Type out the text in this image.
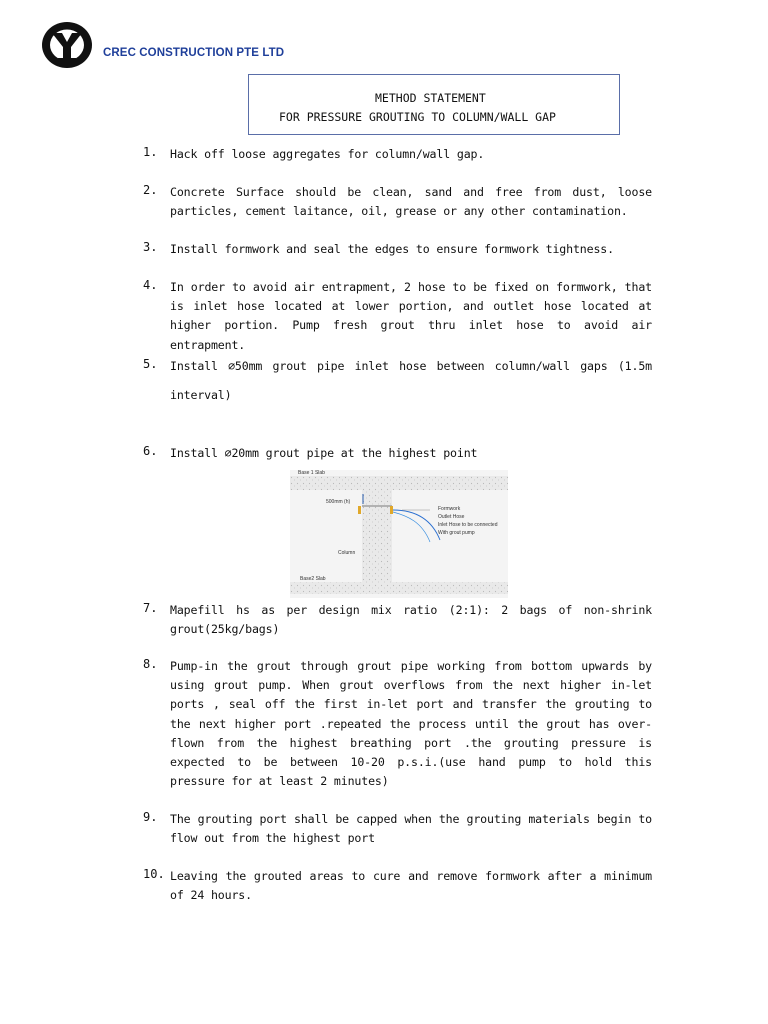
CREC CONSTRUCTION PTE LTD
METHOD STATEMENT
FOR PRESSURE GROUTING TO COLUMN/WALL GAP
1. Hack off loose aggregates for column/wall gap.
2. Concrete Surface should be clean, sand and free from dust, loose particles, cement laitance, oil, grease or any other contamination.
3. Install formwork and seal the edges to ensure formwork tightness.
4. In order to avoid air entrapment, 2 hose to be fixed on formwork, that is inlet hose located at lower portion, and outlet hose located at higher portion. Pump fresh grout thru inlet hose to avoid air entrapment.
5. Install ∅50mm grout pipe inlet hose between column/wall gaps (1.5m interval)
6. Install ∅20mm grout pipe at the highest point
Base 1 Slab
500mm (h)
Column
Base2 Slab
Formwork
Outlet Hose
Inlet Hose to be connected
With grout pump
7. Mapefill hs as per design mix ratio (2:1): 2 bags of non-shrink grout(25kg/bags)
8. Pump-in the grout through grout pipe working from bottom upwards by using grout pump. When grout overflows from the next higher in-let ports , seal off the first in-let port and transfer the grouting to the next higher port .repeated the process until the grout has over-flown from the highest breathing port .the grouting pressure is expected to be between 10-20 p.s.i.(use hand pump to hold this pressure for at least 2 minutes)
9. The grouting port shall be capped when the grouting materials begin to flow out from the highest port
10. Leaving the grouted areas to cure and remove formwork after a minimum of 24 hours.
